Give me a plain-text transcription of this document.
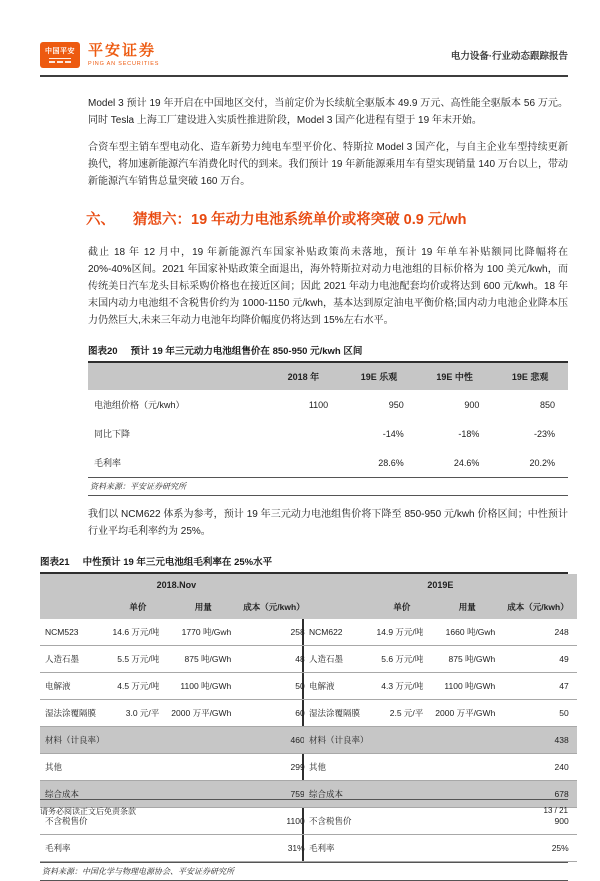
中国平安 平安证券
PING AN SECURITIES
电力设备·行业动态跟踪报告

Model 3 预计 19 年开启在中国地区交付，当前定价为长续航全驱版本 49.9 万元、高性能全驱版本 56 万元。同时 Tesla 上海工厂建设进入实质性推进阶段，Model 3 国产化进程有望于 19 年末开始。

合资车型主销车型电动化、造车新势力纯电车型平价化、特斯拉 Model 3 国产化，与自主企业车型持续更新换代，将加速新能源汽车消费化时代的到来。我们预计 19 年新能源乘用车有望实现销量 140 万台以上，带动新能源汽车销售总量突破 160 万台。

六、 猜想六：19 年动力电池系统单价或将突破 0.9 元/wh

截止 18 年 12 月中，19 年新能源汽车国家补贴政策尚未落地，预计 19 年单车补贴额同比降幅将在 20%-40%区间。2021 年国家补贴政策全面退出，海外特斯拉对动力电池组的目标价格为 100 美元/kwh，而传统美日汽车龙头目标采购价格也在接近区间；因此 2021 年动力电池配套均价或将达到 600 元/kwh。18 年末国内动力电池组不含税售价约为 1000-1150 元/kwh，基本达到原定油电平衡价格;国内动力电池企业降本压力仍然巨大,未来三年动力电池年均降价幅度仍将达到 15%左右水平。

图表20 预计 19 年三元动力电池组售价在 850-950 元/kwh 区间
	2018 年	19E 乐观	19E 中性	19E 悲观
电池组价格（元/kwh）	1100	950	900	850
同比下降		-14%	-18%	-23%
毛利率		28.6%	24.6%	20.2%
资料来源：平安证券研究所

我们以 NCM622 体系为参考，预计 19 年三元动力电池组售价将下降至 850-950 元/kwh 价格区间；中性预计行业平均毛利率约为 25%。

图表21 中性预计 19 年三元电池组毛利率在 25%水平
2018.Nov			
	单价	用量	成本（元/kwh）
NCM523	14.6 万元/吨	1770 吨/Gwh	258
人造石墨	5.5 万元/吨	875 吨/GWh	48
电解液	4.5 万元/吨	1100 吨/GWh	50
湿法涂覆隔膜	3.0 元/平	2000 万平/GWh	60
材料（计良率）			460
其他			299
综合成本			759
不含税售价			1100
毛利率			31%
2019E			
	单价	用量	成本（元/kwh）
NCM622	14.9 万元/吨	1660 吨/Gwh	248
人造石墨	5.6 万元/吨	875 吨/GWh	49
电解液	4.3 万元/吨	1100 吨/GWh	47
湿法涂覆隔膜	2.5 元/平	2000 万平/GWh	50
材料（计良率）			438
其他			240
综合成本			678
不含税售价			900
毛利率			25%
资料来源：中国化学与物理电源协会、平安证券研究所
请务必阅读正文后免责条款	13 / 21
